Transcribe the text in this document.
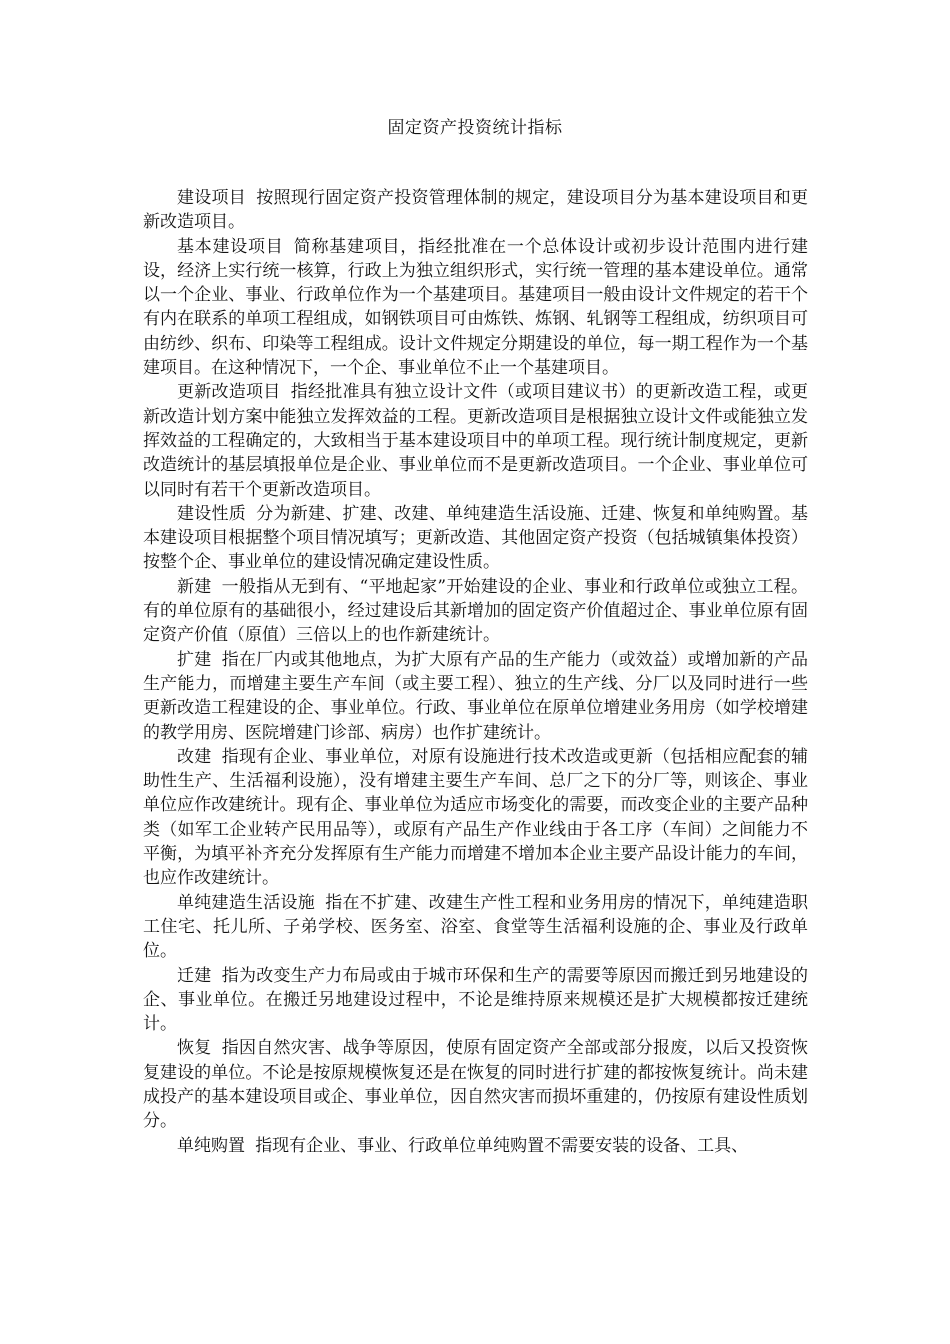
固定资产投资统计指标

建设项目 按照现行固定资产投资管理体制的规定，建设项目分为基本建设项目和更新改造项目。

基本建设项目 简称基建项目，指经批准在一个总体设计或初步设计范围内进行建设，经济上实行统一核算，行政上为独立组织形式，实行统一管理的基本建设单位。通常以一个企业、事业、行政单位作为一个基建项目。基建项目一般由设计文件规定的若干个有内在联系的单项工程组成，如钢铁项目可由炼铁、炼钢、轧钢等工程组成，纺织项目可由纺纱、织布、印染等工程组成。设计文件规定分期建设的单位，每一期工程作为一个基建项目。在这种情况下，一个企、事业单位不止一个基建项目。

更新改造项目 指经批准具有独立设计文件（或项目建议书）的更新改造工程，或更新改造计划方案中能独立发挥效益的工程。更新改造项目是根据独立设计文件或能独立发挥效益的工程确定的，大致相当于基本建设项目中的单项工程。现行统计制度规定，更新改造统计的基层填报单位是企业、事业单位而不是更新改造项目。一个企业、事业单位可以同时有若干个更新改造项目。

建设性质 分为新建、扩建、改建、单纯建造生活设施、迁建、恢复和单纯购置。基本建设项目根据整个项目情况填写；更新改造、其他固定资产投资（包括城镇集体投资）按整个企、事业单位的建设情况确定建设性质。

新建 一般指从无到有、“平地起家”开始建设的企业、事业和行政单位或独立工程。有的单位原有的基础很小，经过建设后其新增加的固定资产价值超过企、事业单位原有固定资产价值（原值）三倍以上的也作新建统计。

扩建 指在厂内或其他地点，为扩大原有产品的生产能力（或效益）或增加新的产品生产能力，而增建主要生产车间（或主要工程）、独立的生产线、分厂以及同时进行一些更新改造工程建设的企、事业单位。行政、事业单位在原单位增建业务用房（如学校增建的教学用房、医院增建门诊部、病房）也作扩建统计。

改建 指现有企业、事业单位，对原有设施进行技术改造或更新（包括相应配套的辅助性生产、生活福利设施），没有增建主要生产车间、总厂之下的分厂等，则该企、事业单位应作改建统计。现有企、事业单位为适应市场变化的需要，而改变企业的主要产品种类（如军工企业转产民用品等），或原有产品生产作业线由于各工序（车间）之间能力不平衡，为填平补齐充分发挥原有生产能力而增建不增加本企业主要产品设计能力的车间，也应作改建统计。

单纯建造生活设施 指在不扩建、改建生产性工程和业务用房的情况下，单纯建造职工住宅、托儿所、子弟学校、医务室、浴室、食堂等生活福利设施的企、事业及行政单位。

迁建 指为改变生产力布局或由于城市环保和生产的需要等原因而搬迁到另地建设的企、事业单位。在搬迁另地建设过程中，不论是维持原来规模还是扩大规模都按迁建统计。

恢复 指因自然灾害、战争等原因，使原有固定资产全部或部分报废，以后又投资恢复建设的单位。不论是按原规模恢复还是在恢复的同时进行扩建的都按恢复统计。尚未建成投产的基本建设项目或企、事业单位，因自然灾害而损坏重建的，仍按原有建设性质划分。

单纯购置 指现有企业、事业、行政单位单纯购置不需要安装的设备、工具、
